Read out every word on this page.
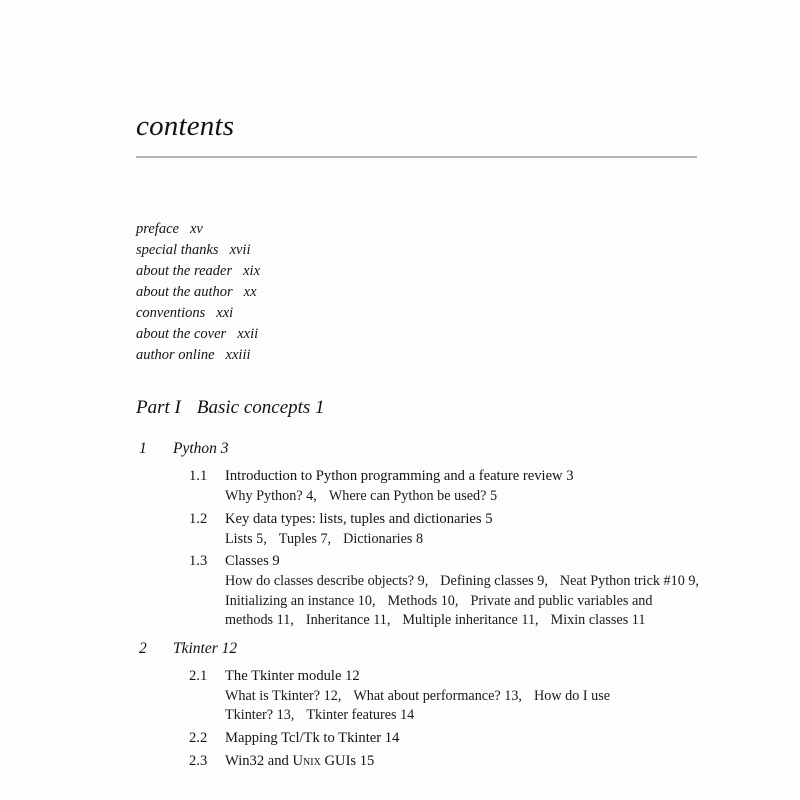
contents
preface xv
special thanks xvii
about the reader xix
about the author xx
conventions xxi
about the cover xxii
author online xxiii
Part I Basic concepts 1
1 Python 3
1.1 Introduction to Python programming and a feature review 3
Why Python? 4, Where can Python be used? 5
1.2 Key data types: lists, tuples and dictionaries 5
Lists 5, Tuples 7, Dictionaries 8
1.3 Classes 9
How do classes describe objects? 9, Defining classes 9, Neat Python trick #10 9,
Initializing an instance 10, Methods 10, Private and public variables and
methods 11, Inheritance 11, Multiple inheritance 11, Mixin classes 11
2 Tkinter 12
2.1 The Tkinter module 12
What is Tkinter? 12, What about performance? 13, How do I use
Tkinter? 13, Tkinter features 14
2.2 Mapping Tcl/Tk to Tkinter 14
2.3 Win32 and Unix GUIs 15
